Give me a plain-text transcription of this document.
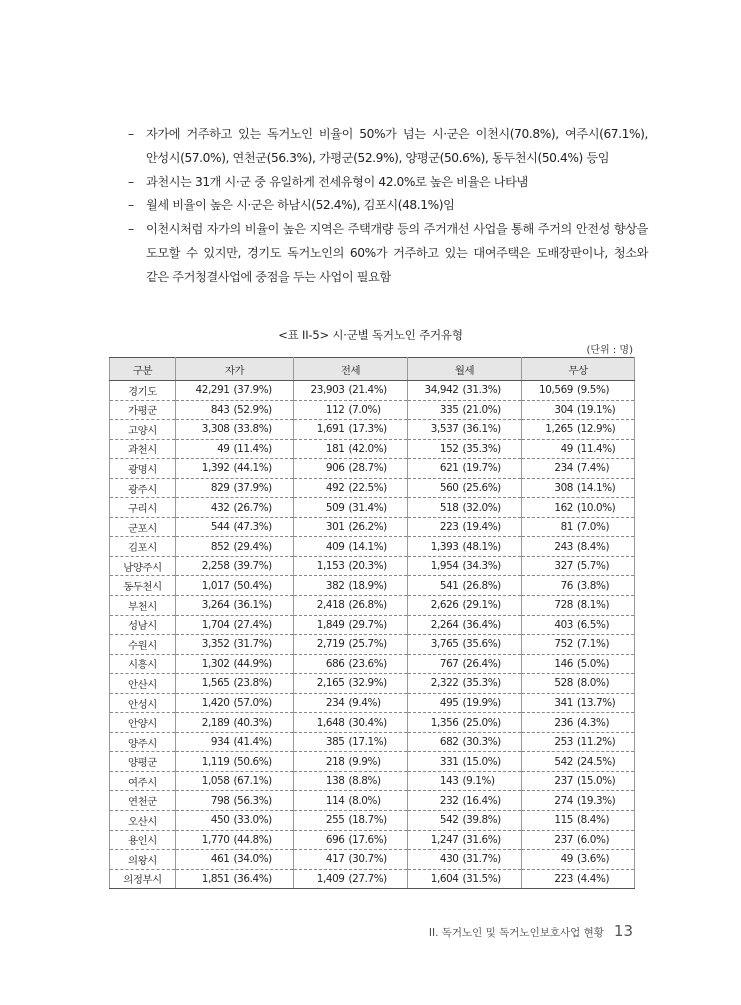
– 자가에 거주하고 있는 독거노인 비율이 50%가 넘는 시·군은 이천시(70.8%), 여주시(67.1%),안성시(57.0%), 연천군(56.3%), 가평군(52.9%), 양평군(50.6%), 동두천시(50.4%) 등임
– 과천시는 31개 시·군 중 유일하게 전세유형이 42.0%로 높은 비율은 나타냄
– 월세 비율이 높은 시·군은 하남시(52.4%), 김포시(48.1%)임
– 이천시처럼 자가의 비율이 높은 지역은 주택개량 등의 주거개선 사업을 통해 주거의 안전성 향상을 도모할 수 있지만, 경기도 독거노인의 60%가 거주하고 있는 대여주택은 도배장판이나, 청소와 같은 주거청결사업에 중점을 두는 사업이 필요함
<표 II-5> 시·군별 독거노인 주거유형
(단위 : 명)
구분	자가	전세	월세	무상
경기도	42,291 (37.9%)	23,903 (21.4%)	34,942 (31.3%)	10,569 (9.5%)

가평군	843 (52.9%)	112 (7.0%)	335 (21.0%)	304 (19.1%)

고양시	3,308 (33.8%)	1,691 (17.3%)	3,537 (36.1%)	1,265 (12.9%)

과천시	49 (11.4%)	181 (42.0%)	152 (35.3%)	49 (11.4%)

광명시	1,392 (44.1%)	906 (28.7%)	621 (19.7%)	234 (7.4%)

광주시	829 (37.9%)	492 (22.5%)	560 (25.6%)	308 (14.1%)

구리시	432 (26.7%)	509 (31.4%)	518 (32.0%)	162 (10.0%)

군포시	544 (47.3%)	301 (26.2%)	223 (19.4%)	81 (7.0%)

김포시	852 (29.4%)	409 (14.1%)	1,393 (48.1%)	243 (8.4%)

남양주시	2,258 (39.7%)	1,153 (20.3%)	1,954 (34.3%)	327 (5.7%)

동두천시	1,017 (50.4%)	382 (18.9%)	541 (26.8%)	76 (3.8%)

부천시	3,264 (36.1%)	2,418 (26.8%)	2,626 (29.1%)	728 (8.1%)

성남시	1,704 (27.4%)	1,849 (29.7%)	2,264 (36.4%)	403 (6.5%)

수원시	3,352 (31.7%)	2,719 (25.7%)	3,765 (35.6%)	752 (7.1%)

시흥시	1,302 (44.9%)	686 (23.6%)	767 (26.4%)	146 (5.0%)

안산시	1,565 (23.8%)	2,165 (32.9%)	2,322 (35.3%)	528 (8.0%)

안성시	1,420 (57.0%)	234 (9.4%)	495 (19.9%)	341 (13.7%)

안양시	2,189 (40.3%)	1,648 (30.4%)	1,356 (25.0%)	236 (4.3%)

양주시	934 (41.4%)	385 (17.1%)	682 (30.3%)	253 (11.2%)

양평군	1,119 (50.6%)	218 (9.9%)	331 (15.0%)	542 (24.5%)

여주시	1,058 (67.1%)	138 (8.8%)	143 (9.1%)	237 (15.0%)

연천군	798 (56.3%)	114 (8.0%)	232 (16.4%)	274 (19.3%)

오산시	450 (33.0%)	255 (18.7%)	542 (39.8%)	115 (8.4%)

용인시	1,770 (44.8%)	696 (17.6%)	1,247 (31.6%)	237 (6.0%)

의왕시	461 (34.0%)	417 (30.7%)	430 (31.7%)	49 (3.6%)

의정부시	1,851 (36.4%)	1,409 (27.7%)	1,604 (31.5%)	223 (4.4%)
II. 독거노인 및 독거노인보호사업 현황 13
